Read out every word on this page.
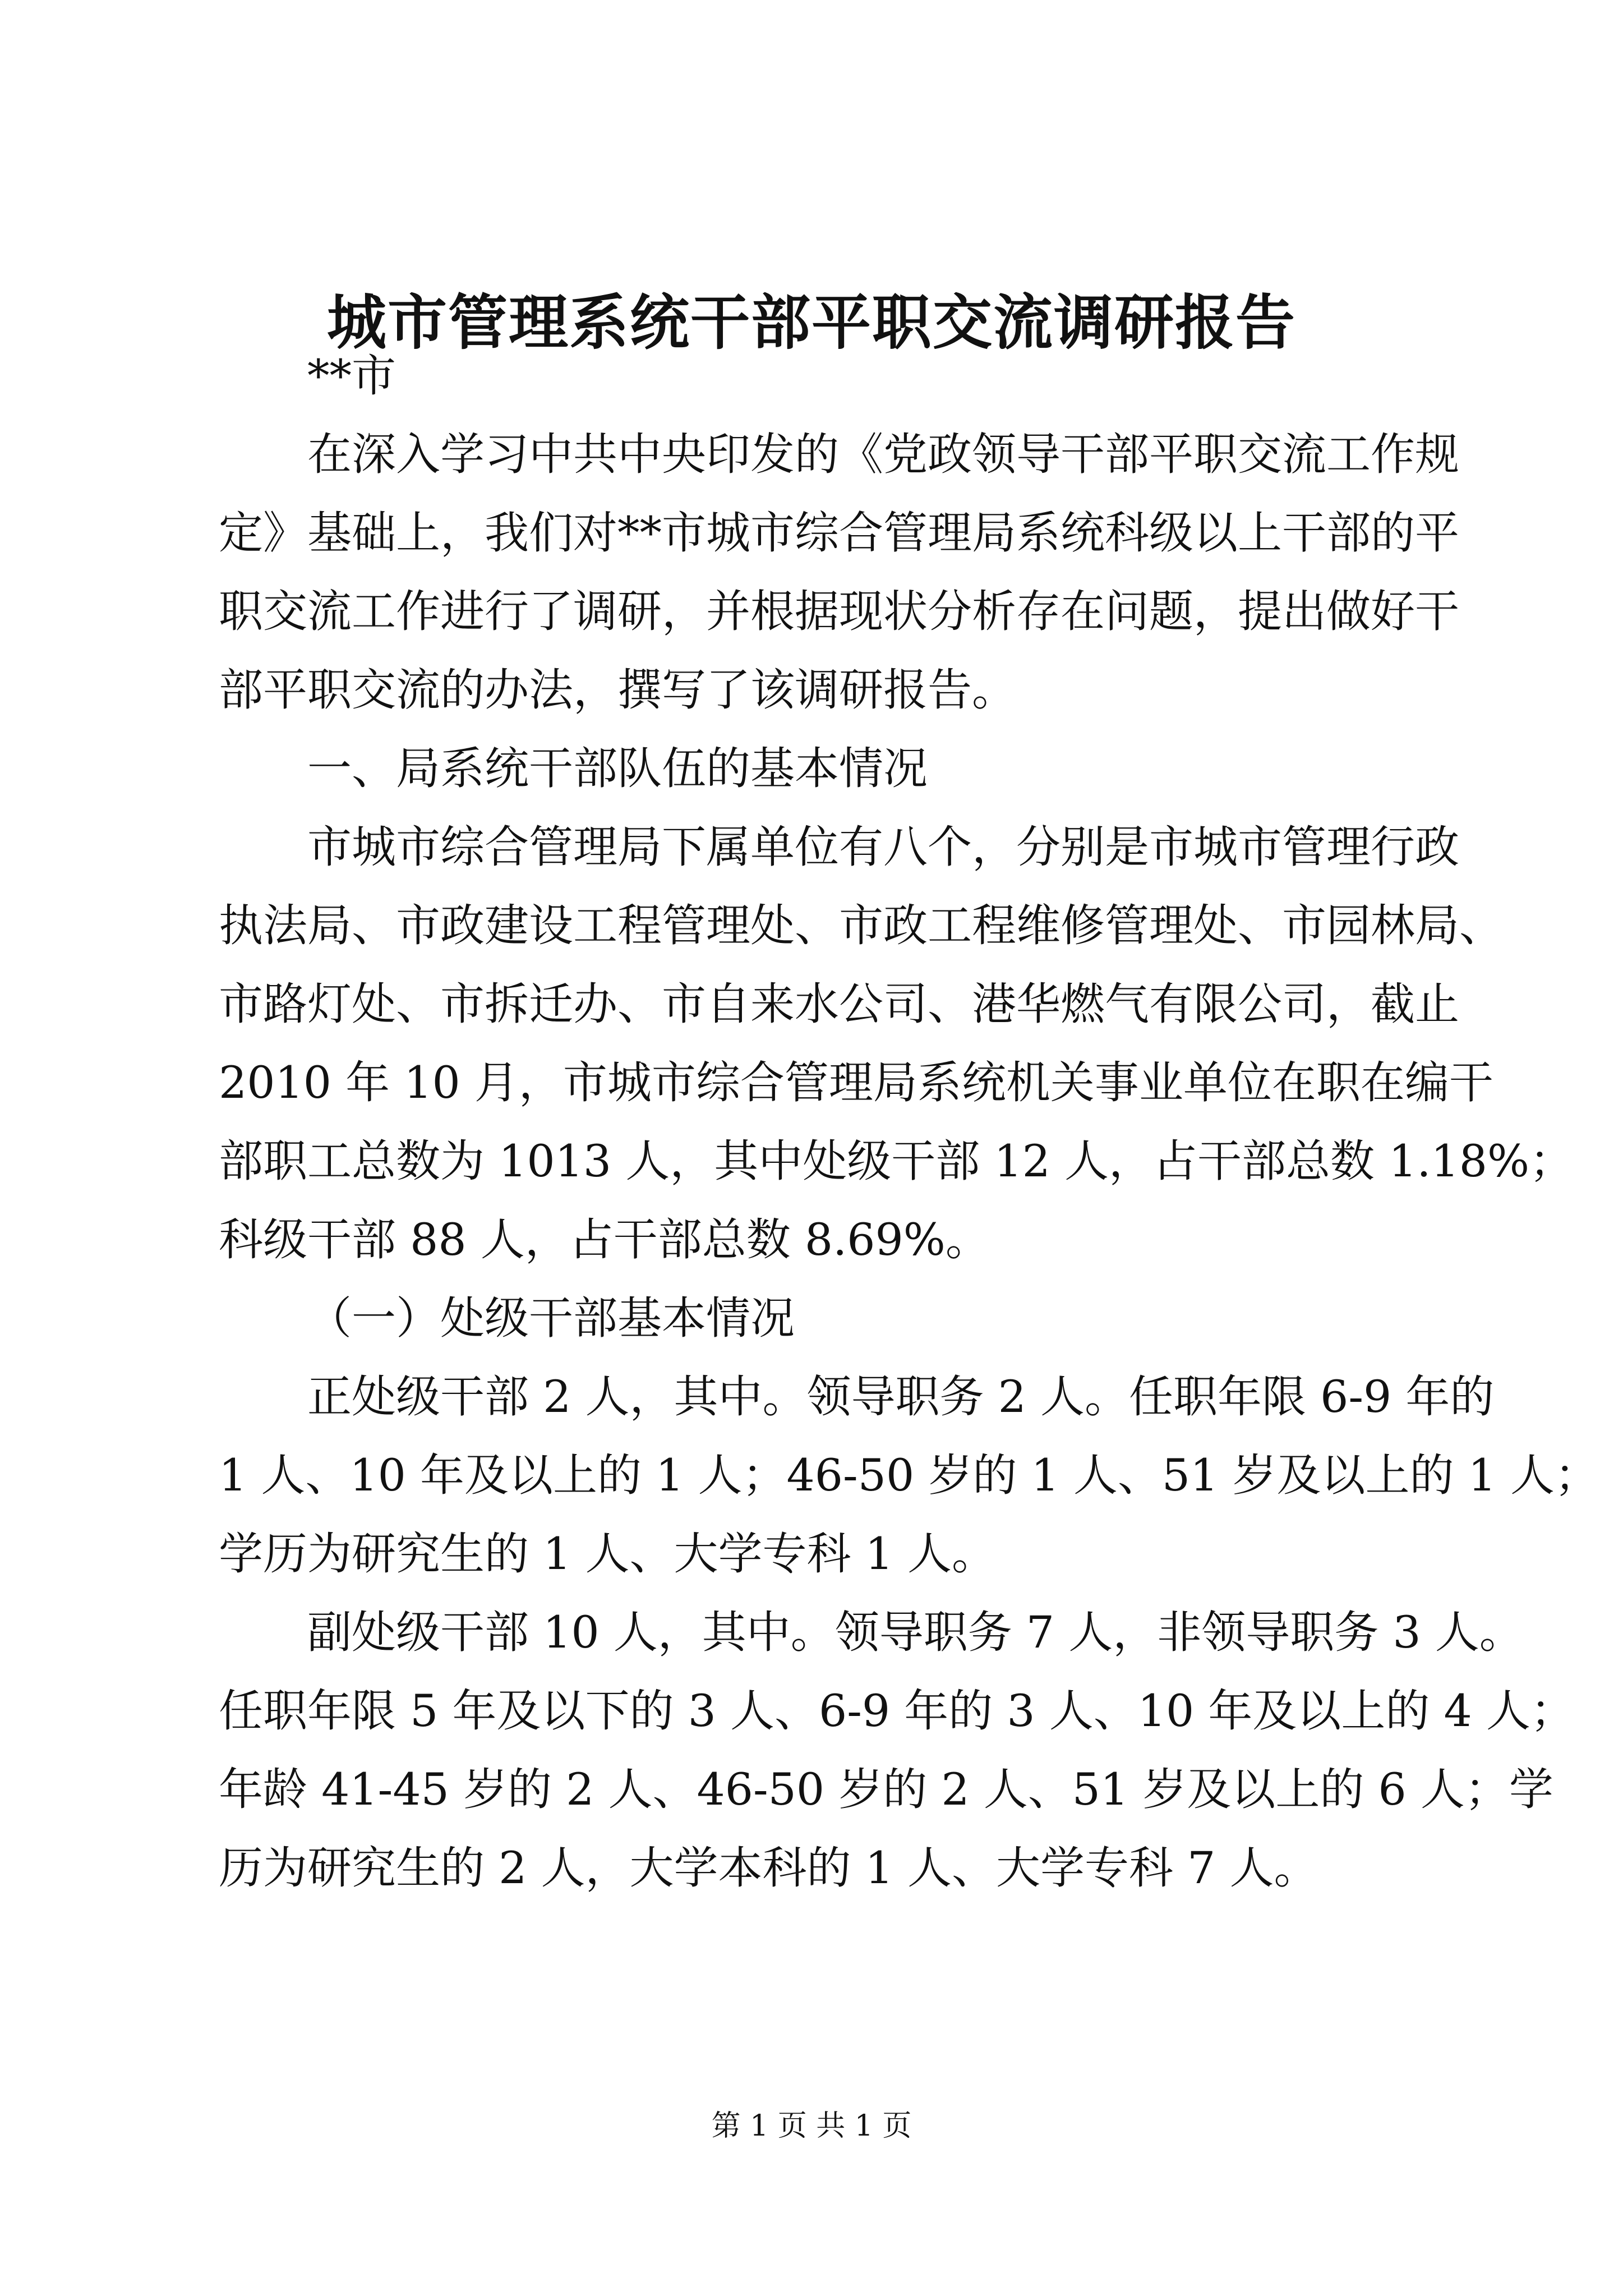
城市管理系统干部平职交流调研报告

**市

在深入学习中共中央印发的《党政领导干部平职交流工作规

定》基础上，我们对**市城市综合管理局系统科级以上干部的平

职交流工作进行了调研，并根据现状分析存在问题，提出做好干

部平职交流的办法，撰写了该调研报告。

一、局系统干部队伍的基本情况

市城市综合管理局下属单位有八个，分别是市城市管理行政

执法局、市政建设工程管理处、市政工程维修管理处、市园林局、

市路灯处、市拆迁办、市自来水公司、港华燃气有限公司，截止

2010 年 10 月，市城市综合管理局系统机关事业单位在职在编干

部职工总数为 1013 人，其中处级干部 12 人，占干部总数 1.18%；

科级干部 88 人，占干部总数 8.69%。

（一）处级干部基本情况

正处级干部 2 人，其中。领导职务 2 人。任职年限 6-9 年的

1 人、10 年及以上的 1 人；46-50 岁的 1 人、51 岁及以上的 1 人；

学历为研究生的 1 人、大学专科 1 人。

副处级干部 10 人，其中。领导职务 7 人，非领导职务 3 人。

任职年限 5 年及以下的 3 人、6-9 年的 3 人、10 年及以上的 4 人；

年龄 41-45 岁的 2 人、46-50 岁的 2 人、51 岁及以上的 6 人；学

历为研究生的 2 人，大学本科的 1 人、大学专科 7 人。

第 1 页 共 1 页
